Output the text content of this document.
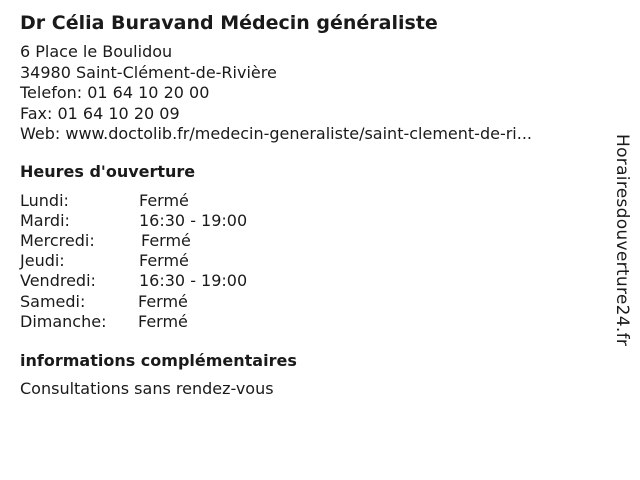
Dr Célia Buravand Médecin généraliste
6 Place le Boulidou
34980 Saint-Clément-de-Rivière
Telefon: 01 64 10 20 00
Fax: 01 64 10 20 09
Web: www.doctolib.fr/medecin-generaliste/saint-clement-de-ri...
Heures d'ouverture
Lundi:	Fermé
Mardi:	16:30 - 19:00
Mercredi:	Fermé
Jeudi:	Fermé
Vendredi:	16:30 - 19:00
Samedi:	Fermé
Dimanche:	Fermé
informations complémentaires
Consultations sans rendez-vous
Horairesdouverture24.fr
